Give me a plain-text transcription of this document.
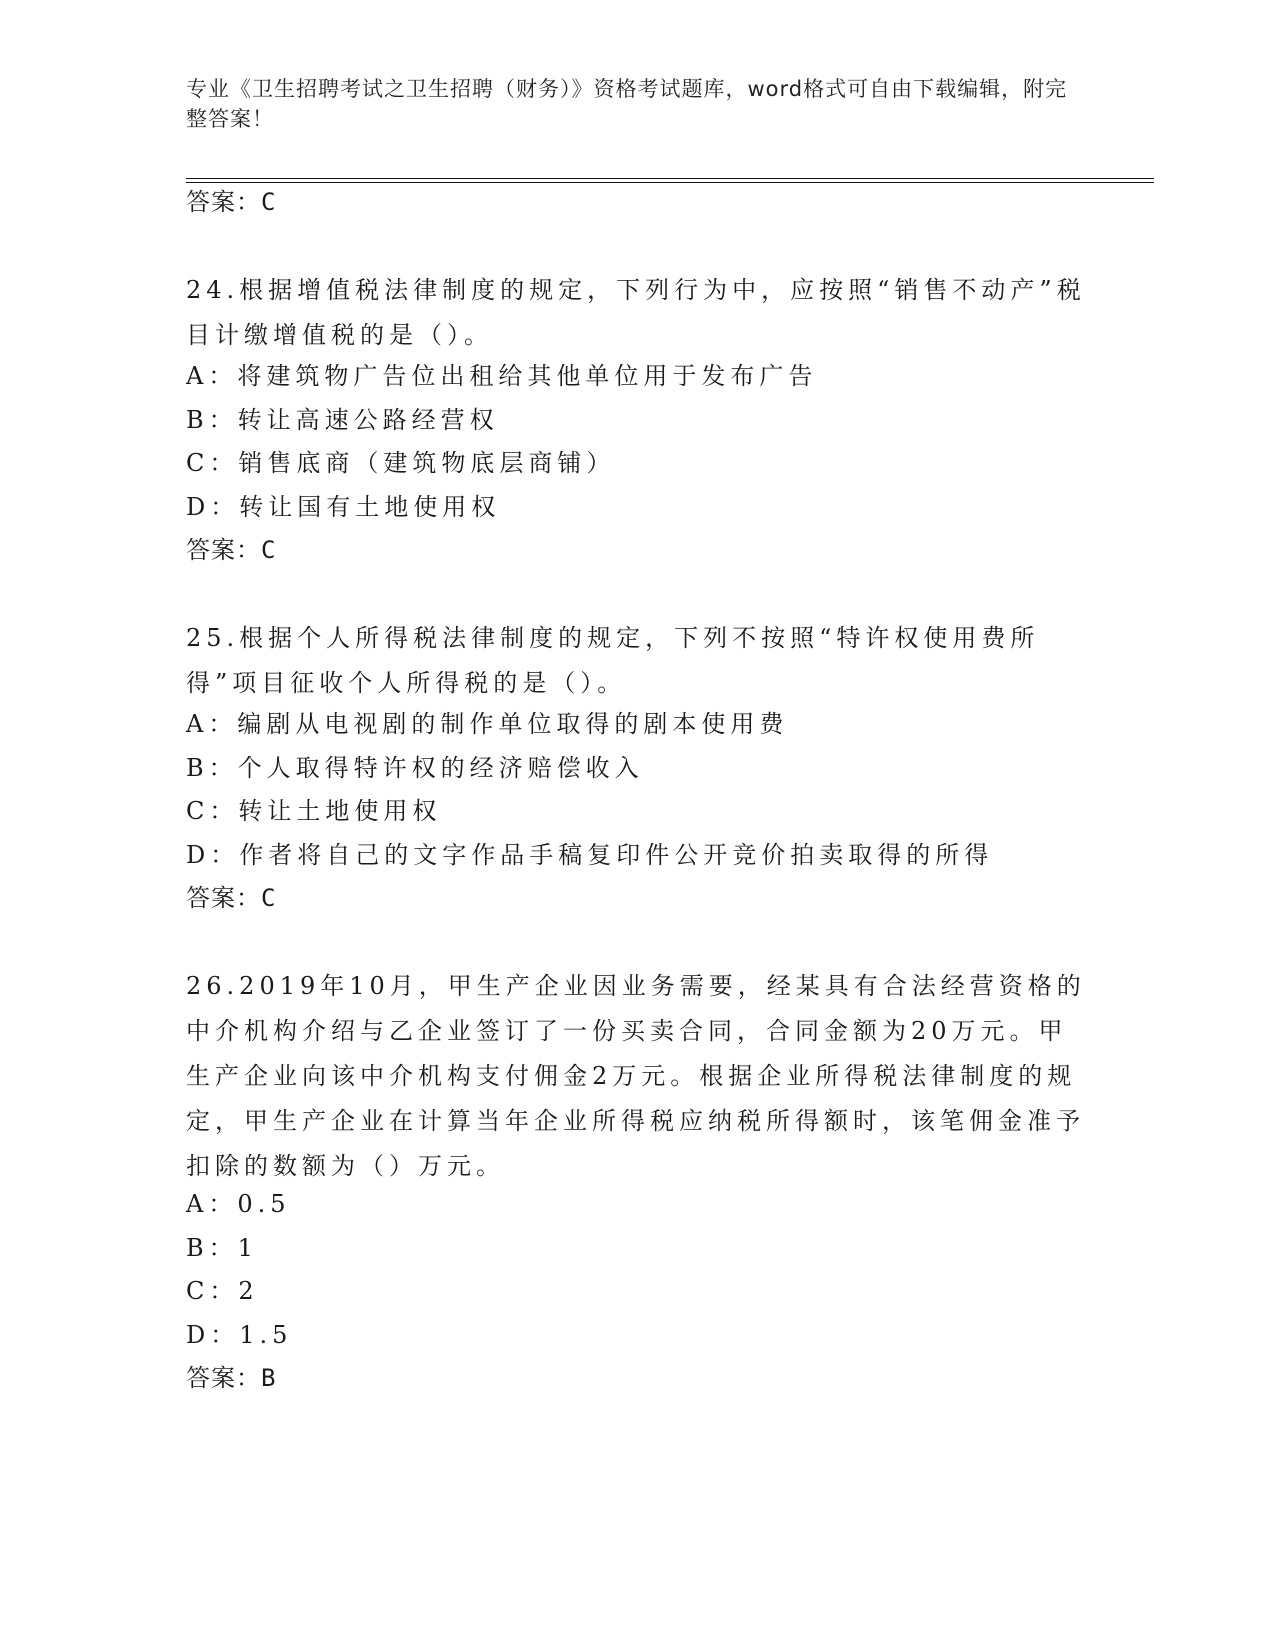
专业《卫生招聘考试之卫生招聘（财务）》资格考试题库，word格式可自由下载编辑，附完整答案！
答案：C
24.根据增值税法律制度的规定，下列行为中，应按照“销售不动产”税目计缴增值税的是（）。
A：将建筑物广告位出租给其他单位用于发布广告
B：转让高速公路经营权
C：销售底商（建筑物底层商铺）
D：转让国有土地使用权
答案：C
25.根据个人所得税法律制度的规定，下列不按照“特许权使用费所得”项目征收个人所得税的是（）。
A：编剧从电视剧的制作单位取得的剧本使用费
B：个人取得特许权的经济赔偿收入
C：转让土地使用权
D：作者将自己的文字作品手稿复印件公开竞价拍卖取得的所得
答案：C
26.2019年10月，甲生产企业因业务需要，经某具有合法经营资格的中介机构介绍与乙企业签订了一份买卖合同，合同金额为20万元。甲生产企业向该中介机构支付佣金2万元。根据企业所得税法律制度的规定，甲生产企业在计算当年企业所得税应纳税所得额时，该笔佣金准予扣除的数额为（）万元。
A：0.5
B：1
C：2
D：1.5
答案：B
